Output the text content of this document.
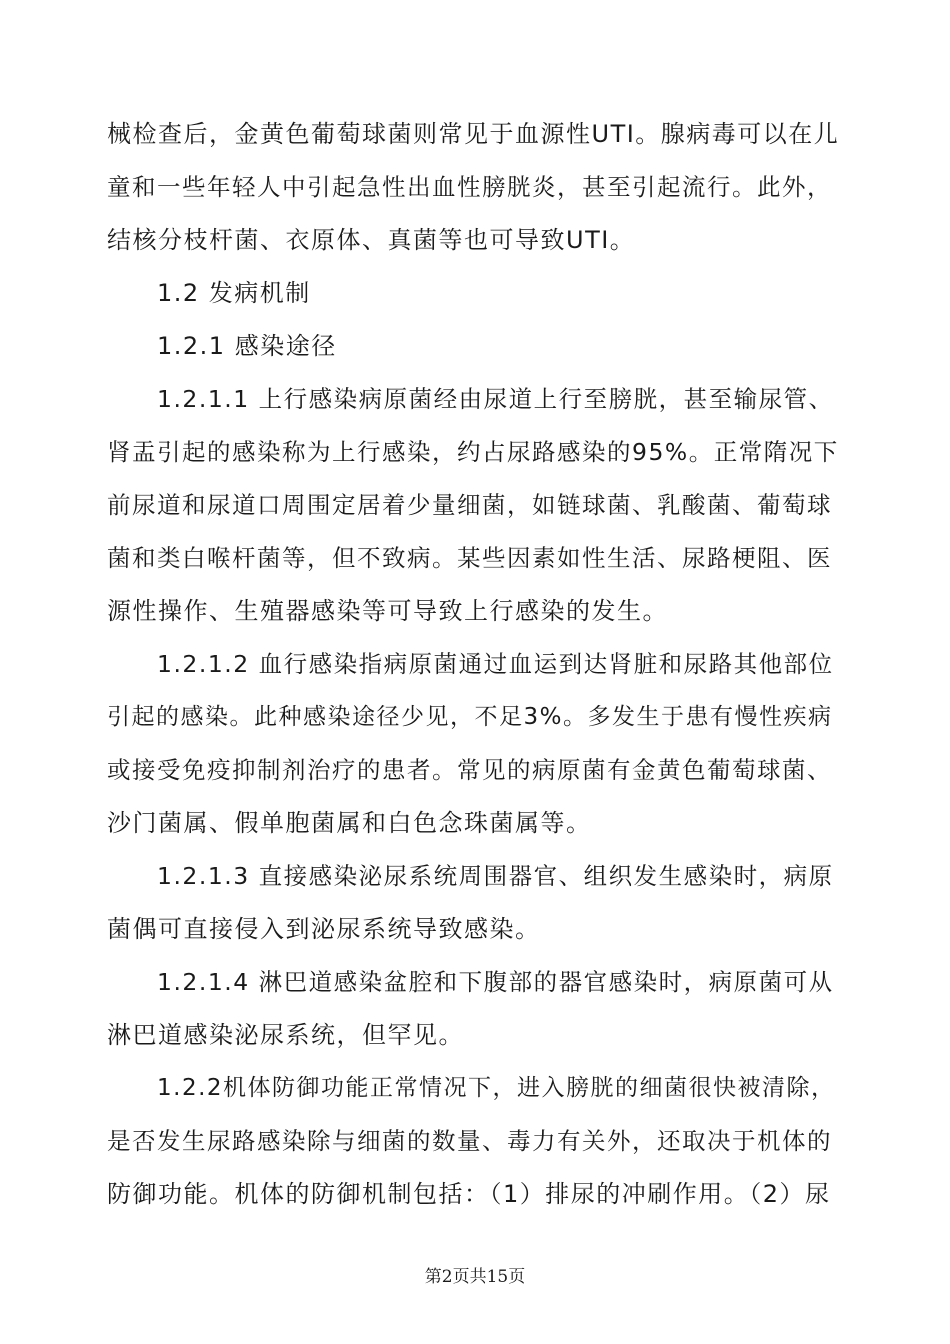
械检查后，金黄色葡萄球菌则常见于血源性UTI。腺病毒可以在儿
童和一些年轻人中引起急性出血性膀胱炎，甚至引起流行。此外，
结核分枝杆菌、衣原体、真菌等也可导致UTI。
1.2 发病机制
1.2.1 感染途径
1.2.1.1 上行感染病原菌经由尿道上行至膀胱，甚至输尿管、
肾盂引起的感染称为上行感染，约占尿路感染的95%。正常隋况下
前尿道和尿道口周围定居着少量细菌，如链球菌、乳酸菌、葡萄球
菌和类白喉杆菌等，但不致病。某些因素如性生活、尿路梗阻、医
源性操作、生殖器感染等可导致上行感染的发生。
1.2.1.2 血行感染指病原菌通过血运到达肾脏和尿路其他部位
引起的感染。此种感染途径少见，不足3%。多发生于患有慢性疾病
或接受免疫抑制剂治疗的患者。常见的病原菌有金黄色葡萄球菌、
沙门菌属、假单胞菌属和白色念珠菌属等。
1.2.1.3 直接感染泌尿系统周围器官、组织发生感染时，病原
菌偶可直接侵入到泌尿系统导致感染。
1.2.1.4 淋巴道感染盆腔和下腹部的器官感染时，病原菌可从
淋巴道感染泌尿系统，但罕见。
1.2.2机体防御功能正常情况下，进入膀胱的细菌很快被清除，
是否发生尿路感染除与细菌的数量、毒力有关外，还取决于机体的
防御功能。机体的防御机制包括：（1）排尿的冲刷作用。（2）尿
第2页共15页
